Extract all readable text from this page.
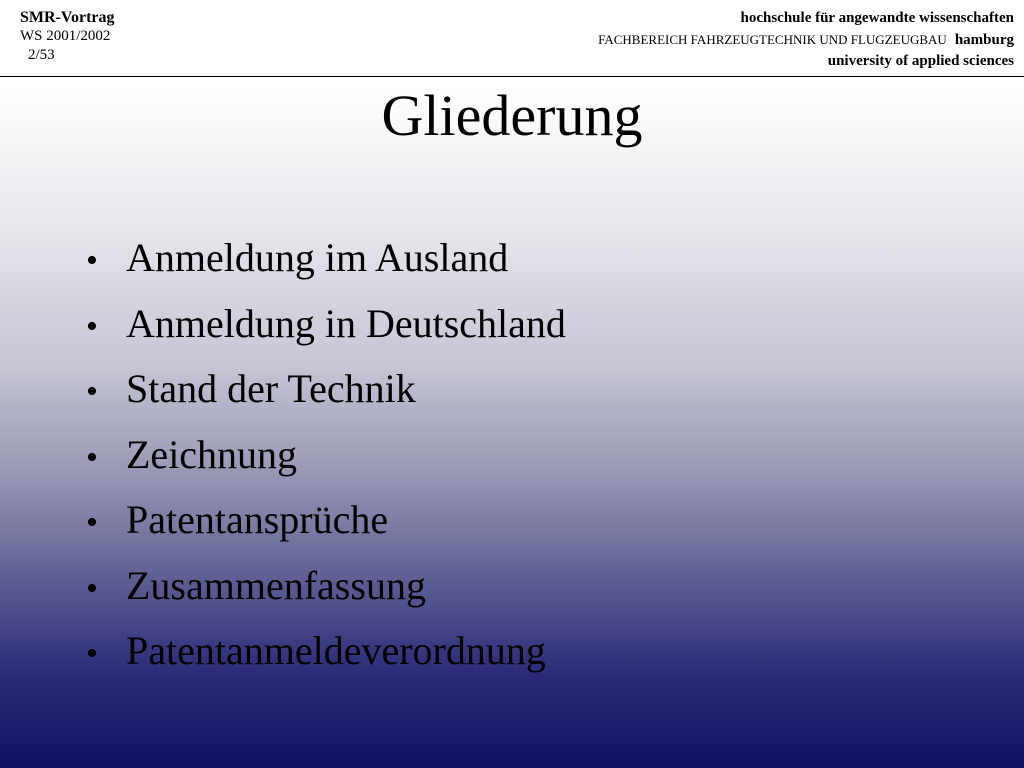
SMR-Vortrag
WS 2001/2002
2/53
hochschule für angewandte wissenschaften
FACHBEREICH FAHRZEUGTECHNIK UND FLUGZEUGBAU hamburg
university of applied sciences
Gliederung
• Anmeldung im Ausland
• Anmeldung in Deutschland
• Stand der Technik
• Zeichnung
• Patentansprüche
• Zusammenfassung
• Patentanmeldeverordnung
